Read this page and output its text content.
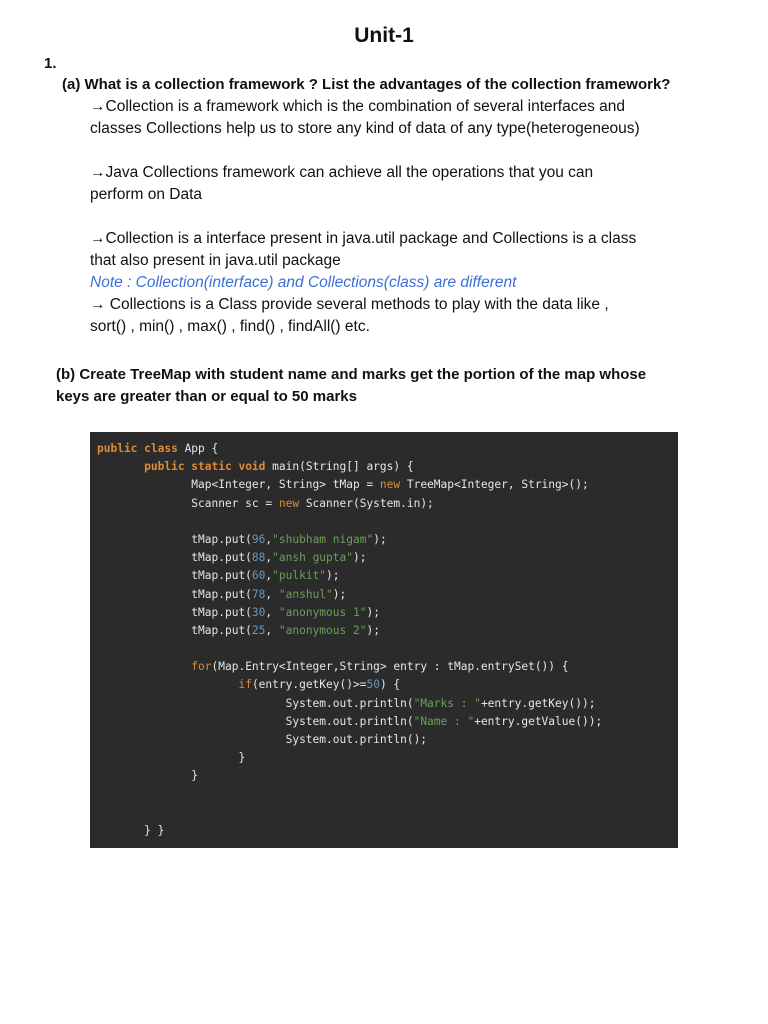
Unit-1
1.

(a) What is a collection framework ? List the advantages of the collection framework?

→Collection is a framework which is the combination of several interfaces and
classes Collections help us to store any kind of data of any type(heterogeneous)
→Java Collections framework can achieve all the operations that you can
perform on Data
→Collection is a interface present in java.util package and Collections is a class
that also present in java.util package
Note : Collection(interface) and Collections(class) are different
→ Collections is a Class provide several methods to play with the data like ,
sort() , min() , max() , find() , findAll() etc.

(b) Create TreeMap with student name and marks get the portion of the map whose
keys are greater than or equal to 50 marks

public class App {
public static void main(String[] args) {
Map<Integer, String> tMap = new TreeMap<Integer, String>();
Scanner sc = new Scanner(System.in);
tMap.put(96,"shubham nigam");
tMap.put(88,"ansh gupta");
tMap.put(60,"pulkit");
tMap.put(78, "anshul");
tMap.put(30, "anonymous 1");
tMap.put(25, "anonymous 2");
for(Map.Entry<Integer,String> entry : tMap.entrySet()) {
if(entry.getKey()>=50) {
System.out.println("Marks : "+entry.getKey());
System.out.println("Name : "+entry.getValue());
System.out.println();
}
}
} }
